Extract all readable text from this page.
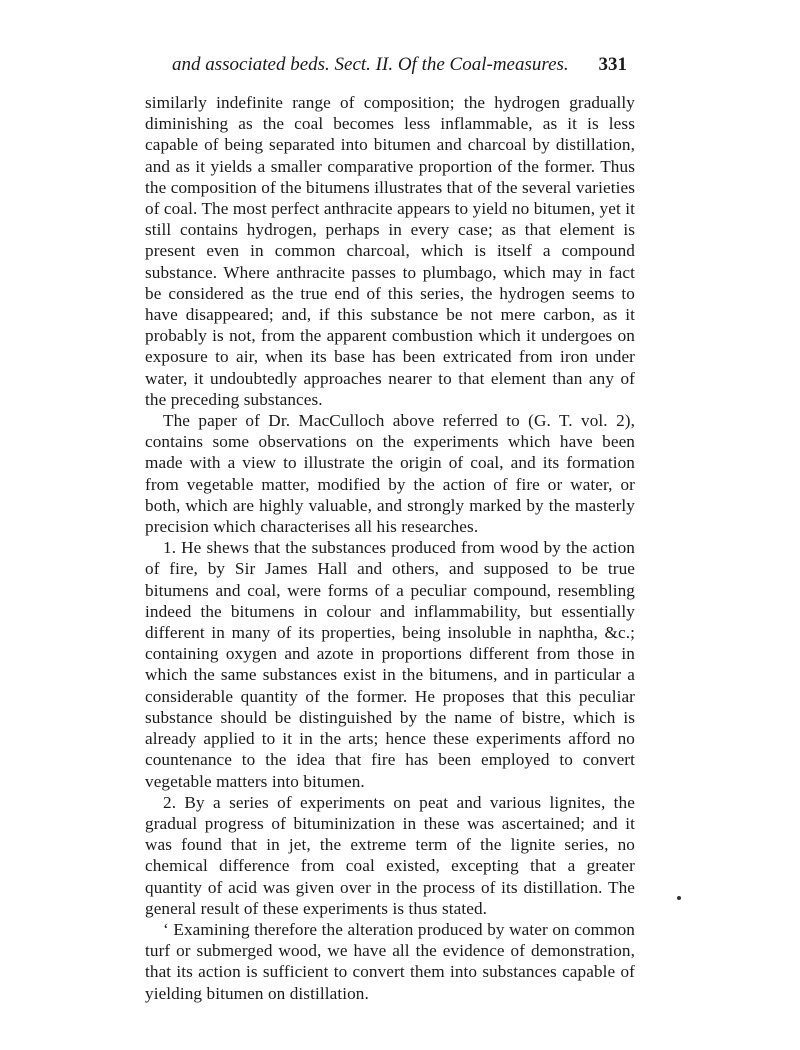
and associated beds. Sect. II. Of the Coal-measures. 331

similarly indefinite range of composition; the hydrogen gradually diminishing as the coal becomes less inflammable, as it is less capable of being separated into bitumen and charcoal by distillation, and as it yields a smaller comparative proportion of the former. Thus the composition of the bitumens illustrates that of the several varieties of coal. The most perfect anthracite appears to yield no bitumen, yet it still contains hydrogen, perhaps in every case; as that element is present even in common charcoal, which is itself a compound substance. Where anthracite passes to plumbago, which may in fact be considered as the true end of this series, the hydrogen seems to have disappeared; and, if this substance be not mere carbon, as it probably is not, from the apparent combustion which it undergoes on exposure to air, when its base has been extricated from iron under water, it undoubtedly approaches nearer to that element than any of the preceding substances.

The paper of Dr. MacCulloch above referred to (G. T. vol. 2), contains some observations on the experiments which have been made with a view to illustrate the origin of coal, and its formation from vegetable matter, modified by the action of fire or water, or both, which are highly valuable, and strongly marked by the masterly precision which characterises all his researches.

1. He shews that the substances produced from wood by the action of fire, by Sir James Hall and others, and supposed to be true bitumens and coal, were forms of a peculiar compound, resembling indeed the bitumens in colour and inflammability, but essentially different in many of its properties, being insoluble in naphtha, &c.; containing oxygen and azote in proportions different from those in which the same substances exist in the bitumens, and in particular a considerable quantity of the former. He proposes that this peculiar substance should be distinguished by the name of bistre, which is already applied to it in the arts; hence these experiments afford no countenance to the idea that fire has been employed to convert vegetable matters into bitumen.

2. By a series of experiments on peat and various lignites, the gradual progress of bituminization in these was ascertained; and it was found that in jet, the extreme term of the lignite series, no chemical difference from coal existed, excepting that a greater quantity of acid was given over in the process of its distillation. The general result of these experiments is thus stated.

‘ Examining therefore the alteration produced by water on common turf or submerged wood, we have all the evidence of demonstration, that its action is sufficient to convert them into substances capable of yielding bitumen on distillation.
